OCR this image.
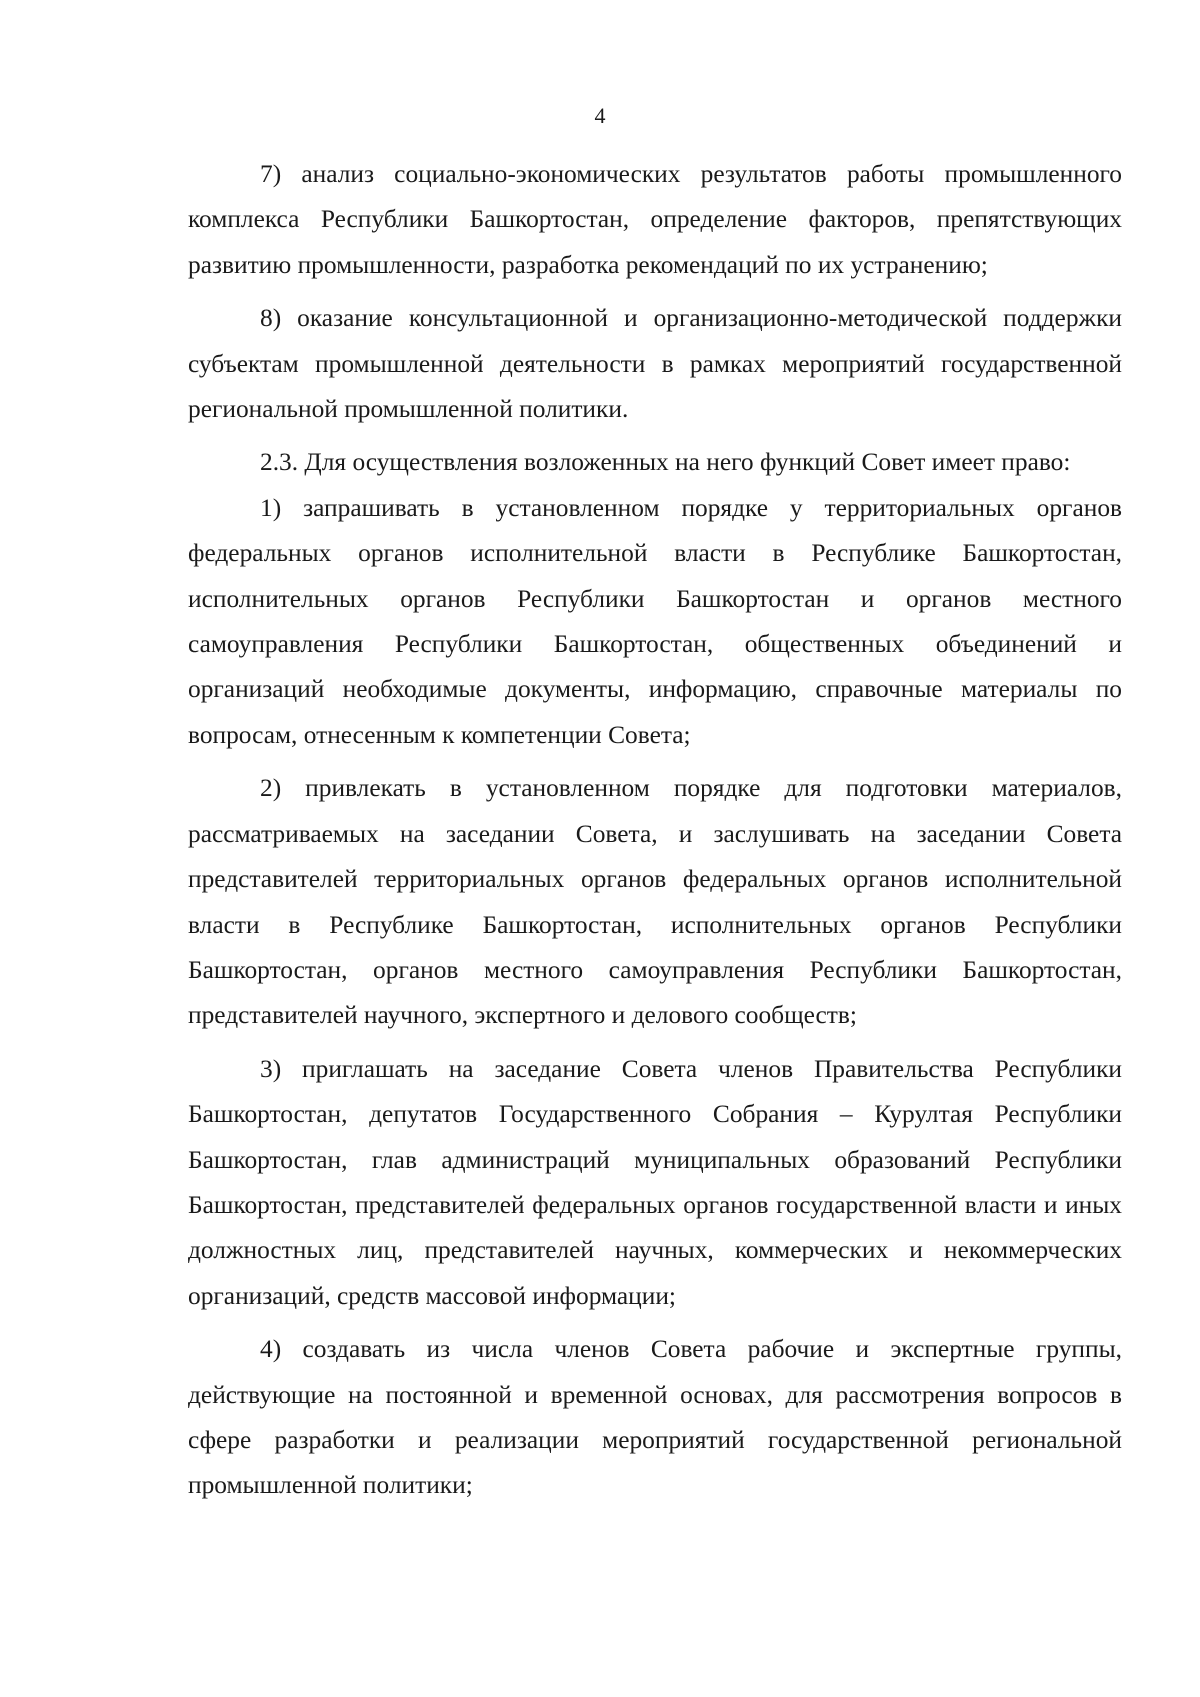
4

7) анализ социально-экономических результатов работы промышленного комплекса Республики Башкортостан, определение факторов, препятствующих развитию промышленности, разработка рекомендаций по их устранению;

8) оказание консультационной и организационно-методической поддержки субъектам промышленной деятельности в рамках мероприятий государственной региональной промышленной политики.

2.3. Для осуществления возложенных на него функций Совет имеет право:

1) запрашивать в установленном порядке у территориальных органов федеральных органов исполнительной власти в Республике Башкортостан, исполнительных органов Республики Башкортостан и органов местного самоуправления Республики Башкортостан, общественных объединений и организаций необходимые документы, информацию, справочные материалы по вопросам, отнесенным к компетенции Совета;

2) привлекать в установленном порядке для подготовки материалов, рассматриваемых на заседании Совета, и заслушивать на заседании Совета представителей территориальных органов федеральных органов исполнительной власти в Республике Башкортостан, исполнительных органов Республики Башкортостан, органов местного самоуправления Республики Башкортостан, представителей научного, экспертного и делового сообществ;

3) приглашать на заседание Совета членов Правительства Республики Башкортостан, депутатов Государственного Собрания – Курултая Республики Башкортостан, глав администраций муниципальных образований Республики Башкортостан, представителей федеральных органов государственной власти и иных должностных лиц, представителей научных, коммерческих и некоммерческих организаций, средств массовой информации;

4) создавать из числа членов Совета рабочие и экспертные группы, действующие на постоянной и временной основах, для рассмотрения вопросов в сфере разработки и реализации мероприятий государственной региональной промышленной политики;
